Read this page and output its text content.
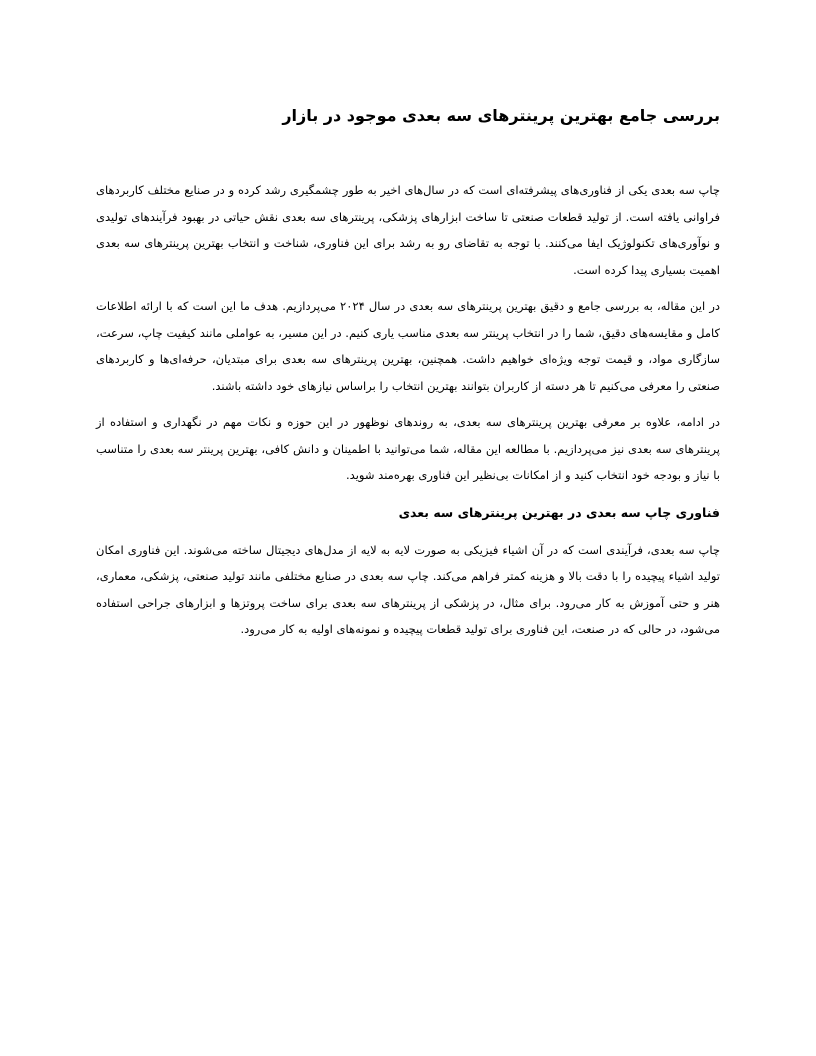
بررسی جامع بهترین پرینترهای سه بعدی موجود در بازار

چاپ سه بعدی یکی از فناوری‌های پیشرفته‌ای است که در سال‌های اخیر به طور چشمگیری رشد کرده و در صنایع مختلف کاربردهای فراوانی یافته است. از تولید قطعات صنعتی تا ساخت ابزارهای پزشکی، پرینترهای سه بعدی نقش حیاتی در بهبود فرآیندهای تولیدی و نوآوری‌های تکنولوژیک ایفا می‌کنند. با توجه به تقاضای رو به رشد برای این فناوری، شناخت و انتخاب بهترین پرینترهای سه بعدی اهمیت بسیاری پیدا کرده است.

در این مقاله، به بررسی جامع و دقیق بهترین پرینترهای سه بعدی در سال ۲۰۲۴ می‌پردازیم. هدف ما این است که با ارائه اطلاعات کامل و مقایسه‌های دقیق، شما را در انتخاب پرینتر سه بعدی مناسب یاری کنیم. در این مسیر، به عواملی مانند کیفیت چاپ، سرعت، سازگاری مواد، و قیمت توجه ویژه‌ای خواهیم داشت. همچنین، بهترین پرینترهای سه بعدی برای مبتدیان، حرفه‌ای‌ها و کاربردهای صنعتی را معرفی می‌کنیم تا هر دسته از کاربران بتوانند بهترین انتخاب را براساس نیازهای خود داشته باشند.

در ادامه، علاوه بر معرفی بهترین پرینترهای سه بعدی، به روندهای نوظهور در این حوزه و نکات مهم در نگهداری و استفاده از پرینترهای سه بعدی نیز می‌پردازیم. با مطالعه این مقاله، شما می‌توانید با اطمینان و دانش کافی، بهترین پرینتر سه بعدی را متناسب با نیاز و بودجه خود انتخاب کنید و از امکانات بی‌نظیر این فناوری بهره‌مند شوید.

فناوری چاپ سه بعدی در بهترین پرینترهای سه بعدی

چاپ سه بعدی، فرآیندی است که در آن اشیاء فیزیکی به صورت لایه به لایه از مدل‌های دیجیتال ساخته می‌شوند. این فناوری امکان تولید اشیاء پیچیده را با دقت بالا و هزینه کمتر فراهم می‌کند. چاپ سه بعدی در صنایع مختلفی مانند تولید صنعتی، پزشکی، معماری، هنر و حتی آموزش به کار می‌رود. برای مثال، در پزشکی از پرینترهای سه بعدی برای ساخت پروتزها و ابزارهای جراحی استفاده می‌شود، در حالی که در صنعت، این فناوری برای تولید قطعات پیچیده و نمونه‌های اولیه به کار می‌رود.
